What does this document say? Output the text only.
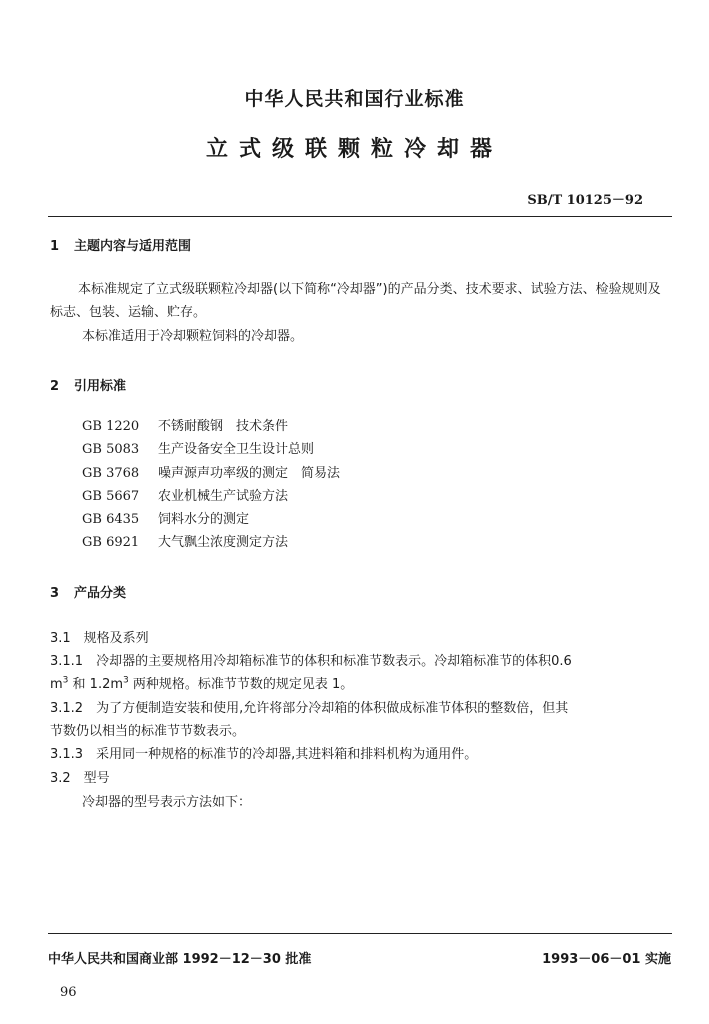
中华人民共和国行业标准
立式级联颗粒冷却器
SB/T 10125－92
1 主题内容与适用范围
本标准规定了立式级联颗粒冷却器(以下简称“冷却器”)的产品分类、技术要求、试验方法、检验规则及标志、包装、运输、贮存。
本标准适用于冷却颗粒饲料的冷却器。
2 引用标准
GB 1220 不锈耐酸钢　技术条件
GB 5083 生产设备安全卫生设计总则
GB 3768 噪声源声功率级的测定　简易法
GB 5667 农业机械生产试验方法
GB 6435 饲料水分的测定
GB 6921 大气飘尘浓度测定方法
3 产品分类
3.1　规格及系列
3.1.1　冷却器的主要规格用冷却箱标准节的体积和标准节数表示。冷却箱标准节的体积0.6
$m^3$ 和 $1.2m^3$ 两种规格。标准节节数的规定见表 1。
3.1.2　为了方便制造安装和使用,允许将部分冷却箱的体积做成标准节体积的整数倍，但其
节数仍以相当的标准节节数表示。
3.1.3　采用同一种规格的标准节的冷却器,其进料箱和排料机构为通用件。
3.2　型号
冷却器的型号表示方法如下：
中华人民共和国商业部 1992－12－30 批准	1993－06－01 实施
96
